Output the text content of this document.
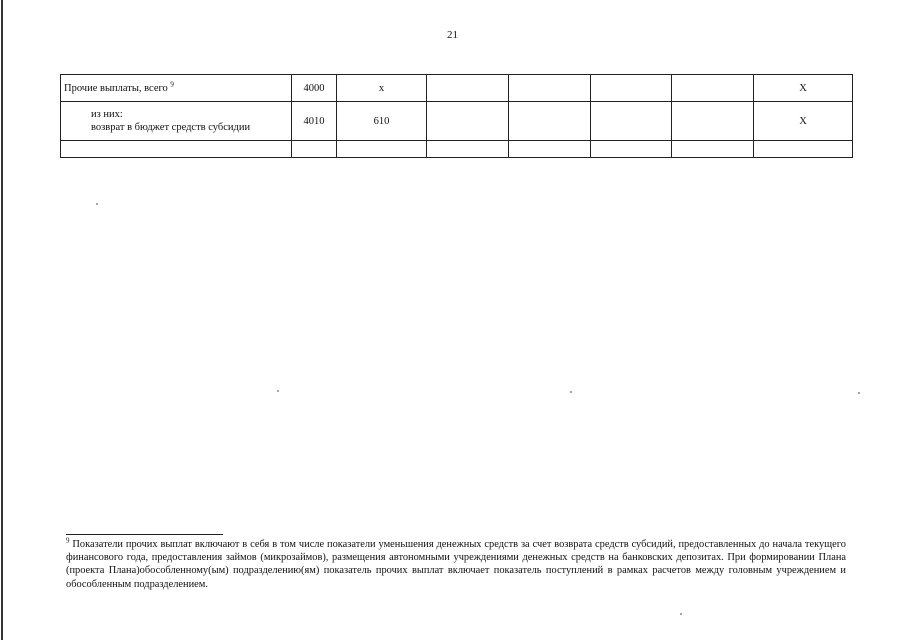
21
Прочие выплаты, всего $^9$	4000	х					Х

из них:
возврат в бюджет средств субсидии	4010	610					Х

$^9$ Показатели прочих выплат включают в себя в том числе показатели уменьшения денежных средств за счет возврата средств субсидий, предоставленных до начала текущего финансового года, предоставления займов (микрозаймов), размещения автономными учреждениями денежных средств на банковских депозитах. При формировании Плана (проекта Плана)обособленному(ым) подразделению(ям) показатель прочих выплат включает показатель поступлений в рамках расчетов между головным учреждением и обособленным подразделением.
